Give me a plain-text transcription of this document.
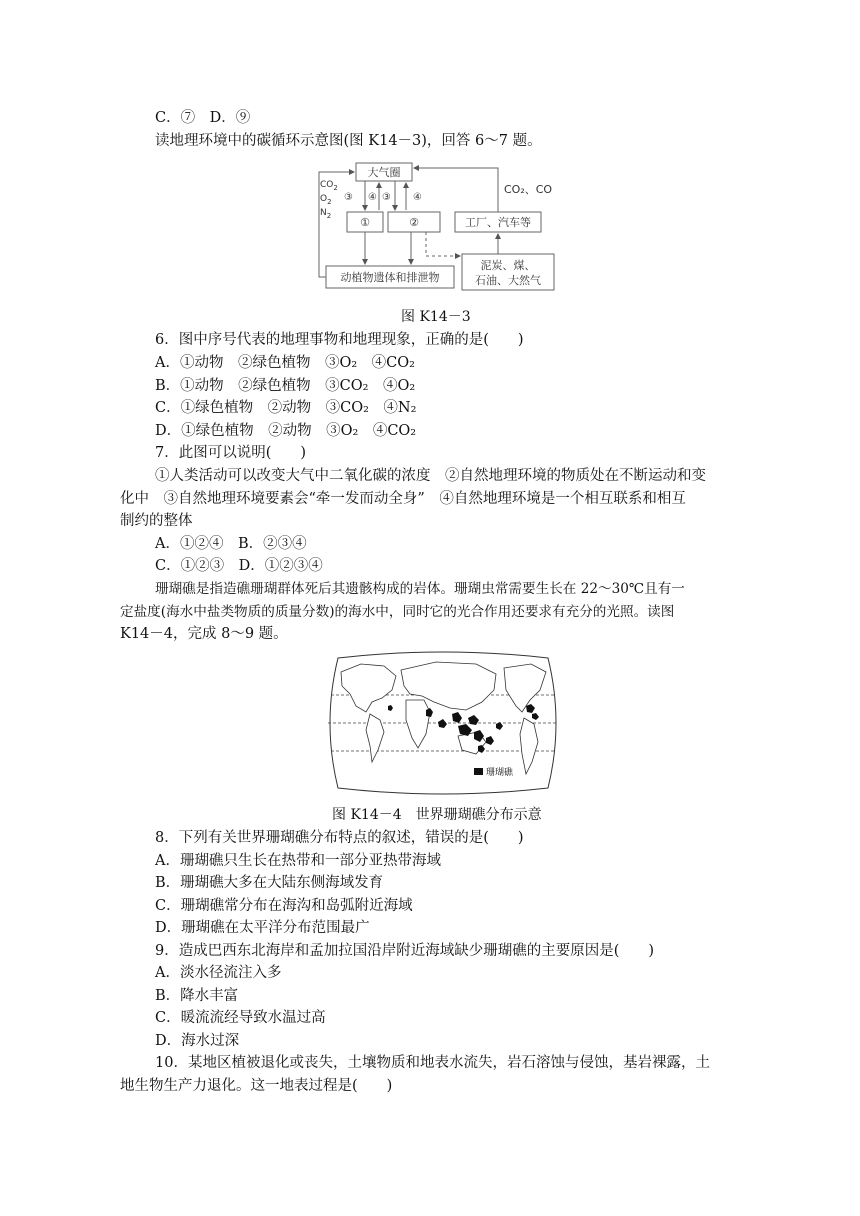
C．⑦　D．⑨
读地理环境中的碳循环示意图(图 K14－3)，回答 6～7 题。
大气圈
①	②	工厂、汽车等
动植物遗体和排泄物
泥炭、煤、
石油、大然气
CO₂、CO
③ ④ ③ ④
$CO_2$
$O_2$
$N_2$
图 K14－3
6．图中序号代表的地理事物和地理现象，正确的是(　　)
A．①动物　②绿色植物　③O₂　④CO₂
B．①动物　②绿色植物　③CO₂　④O₂
C．①绿色植物　②动物　③CO₂　④N₂
D．①绿色植物　②动物　③O₂　④CO₂
7．此图可以说明(　　)
①人类活动可以改变大气中二氧化碳的浓度　②自然地理环境的物质处在不断运动和变
化中　③自然地理环境要素会“牵一发而动全身”　④自然地理环境是一个相互联系和相互
制约的整体
A．①②④　B．②③④
C．①②③　D．①②③④
珊瑚礁是指造礁珊瑚群体死后其遗骸构成的岩体。珊瑚虫常需要生长在 22～30℃且有一
定盐度(海水中盐类物质的质量分数)的海水中，同时它的光合作用还要求有充分的光照。读图
K14－4，完成 8～9 题。
珊瑚礁
图 K14－4　世界珊瑚礁分布示意
8．下列有关世界珊瑚礁分布特点的叙述，错误的是(　　)
A．珊瑚礁只生长在热带和一部分亚热带海域
B．珊瑚礁大多在大陆东侧海域发育
C．珊瑚礁常分布在海沟和岛弧附近海域
D．珊瑚礁在太平洋分布范围最广
9．造成巴西东北海岸和孟加拉国沿岸附近海域缺少珊瑚礁的主要原因是(　　)
A．淡水径流注入多
B．降水丰富
C．暖流流经导致水温过高
D．海水过深
10．某地区植被退化或丧失，土壤物质和地表水流失，岩石溶蚀与侵蚀，基岩裸露，土
地生物生产力退化。这一地表过程是(　　)
